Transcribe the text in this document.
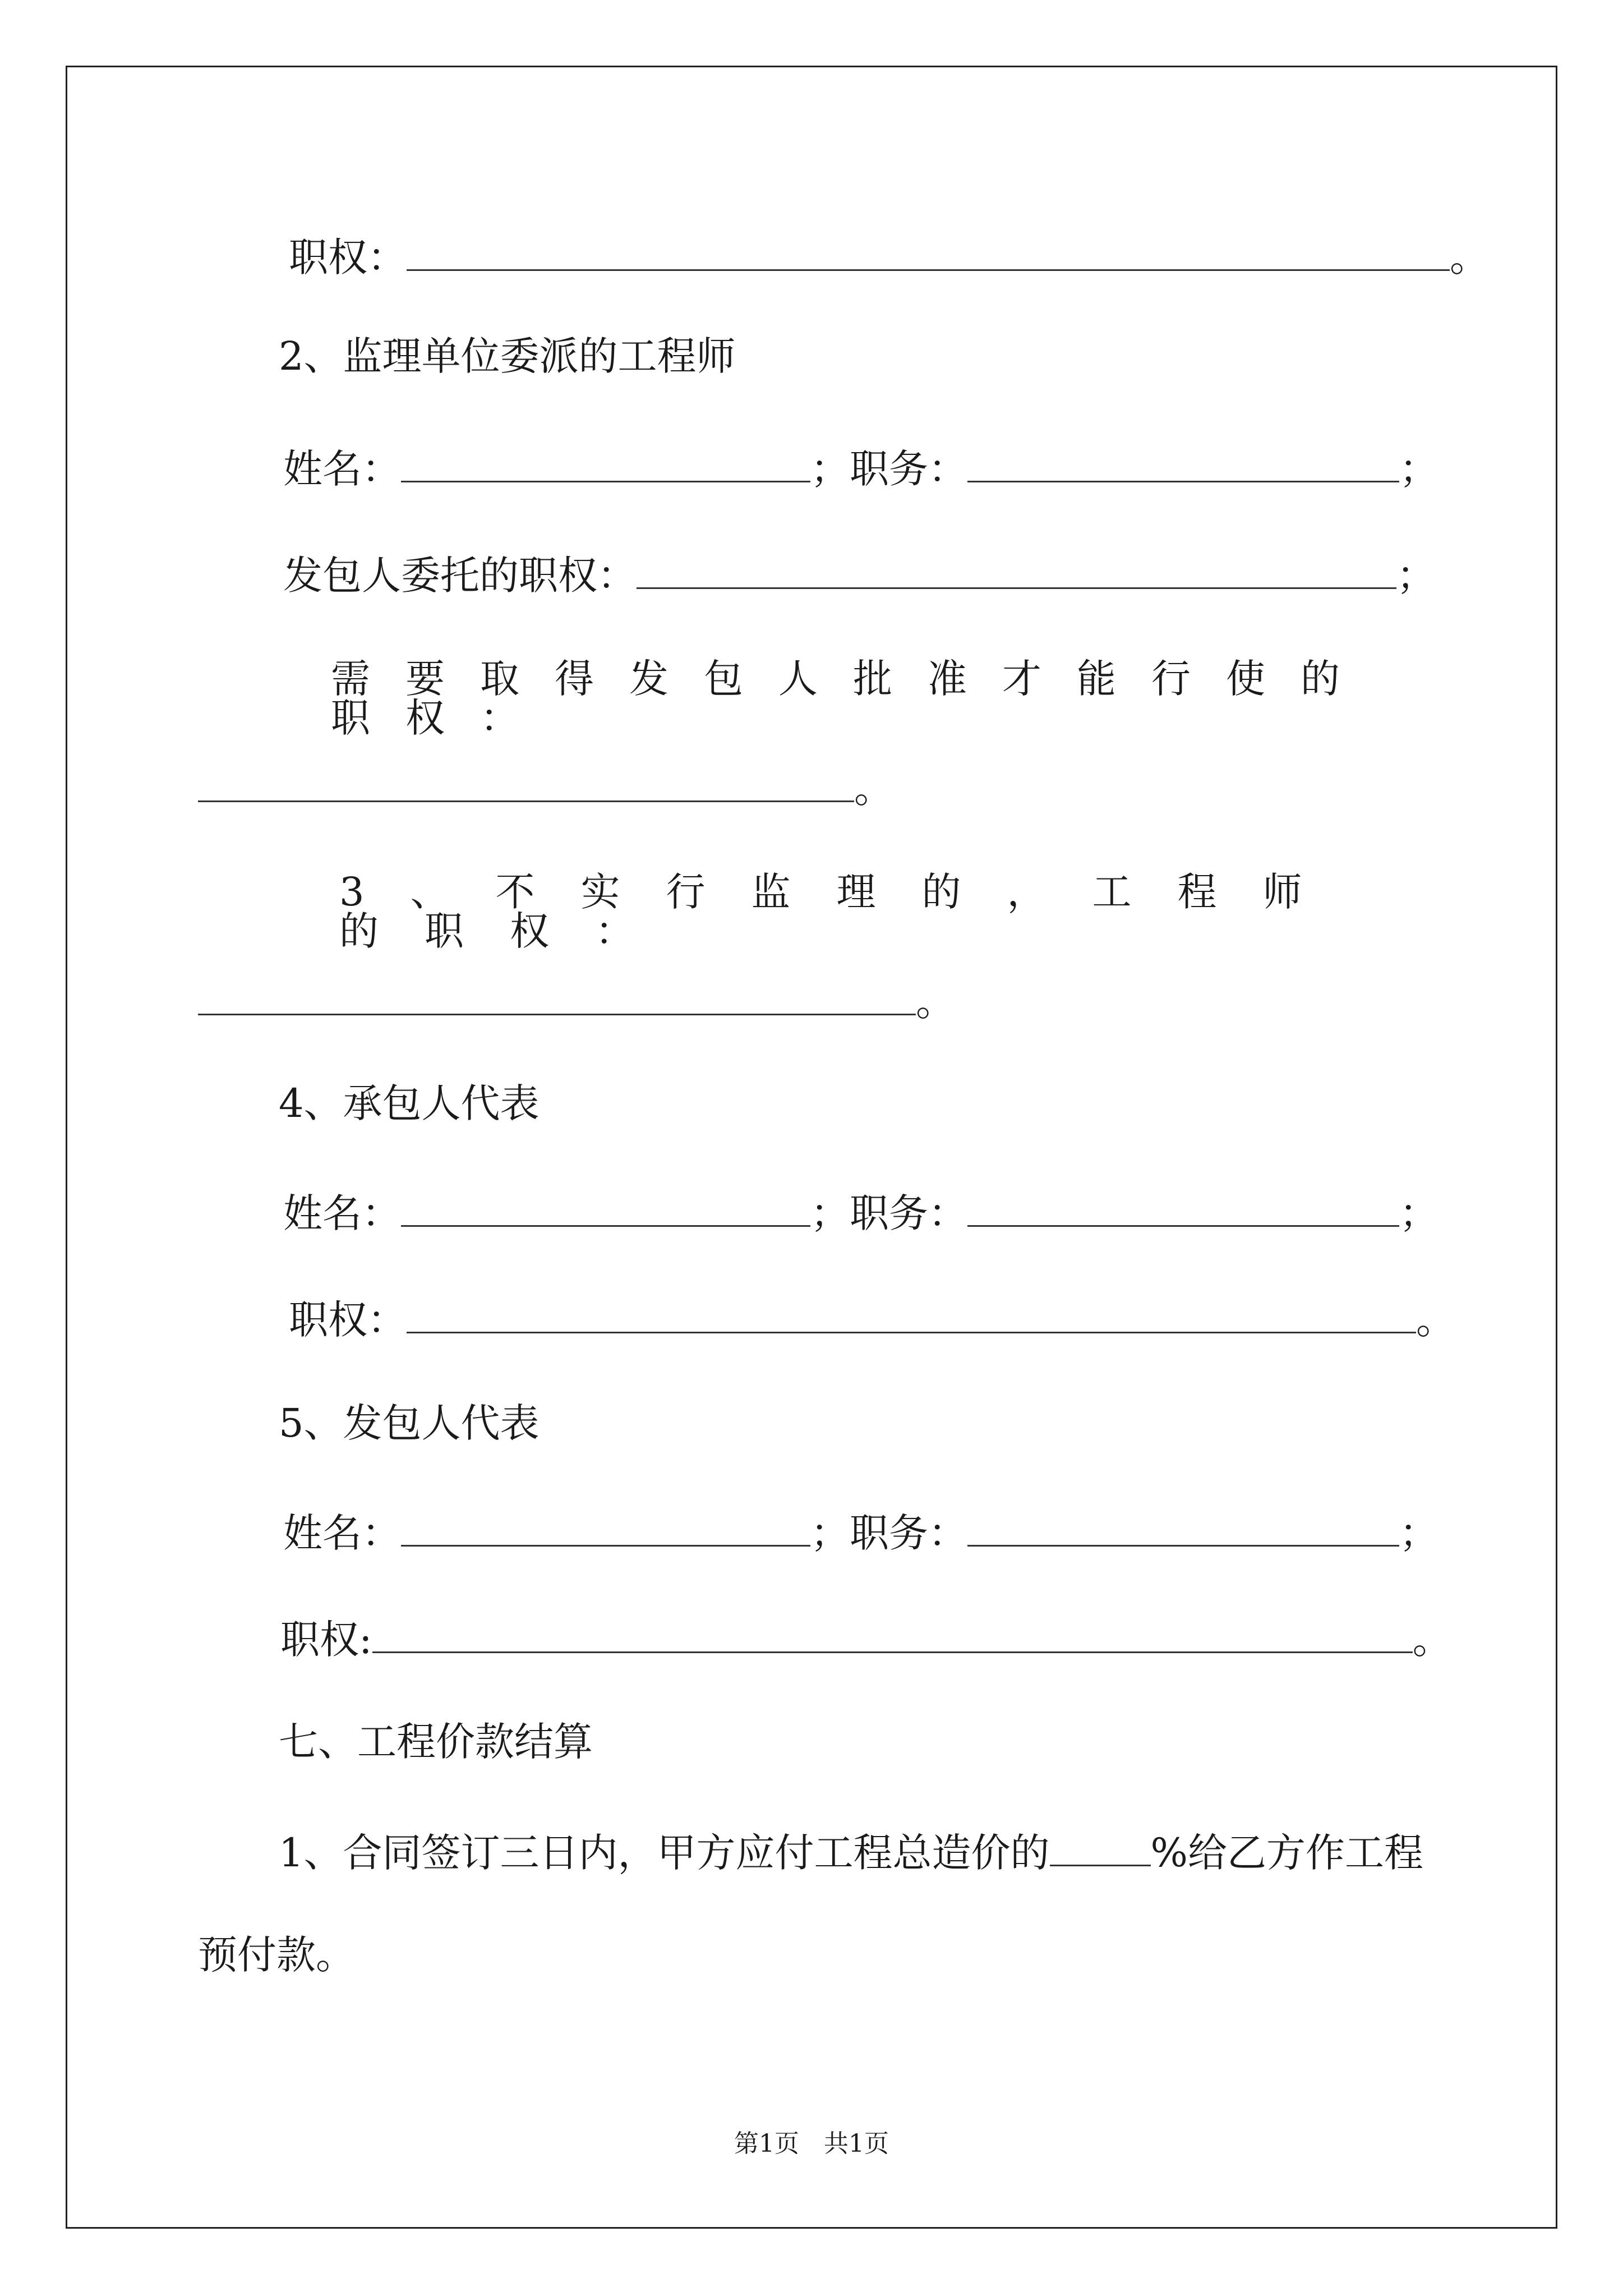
职权：	。
2、监理单位委派的工程师
姓名：	；职务：	；
发包人委托的职权：	；
需要取得发包人批准才能行使的职权：
。
3、不实行监理的，工程师的职权：
。
4、承包人代表
姓名：	；职务：	；
职权：	。
5、发包人代表
姓名：	；职务：	；
职权:	。
七、工程价款结算
1、合同签订三日内，甲方应付工程总造价的	%给乙方作工程
预付款。
第1页　共1页
